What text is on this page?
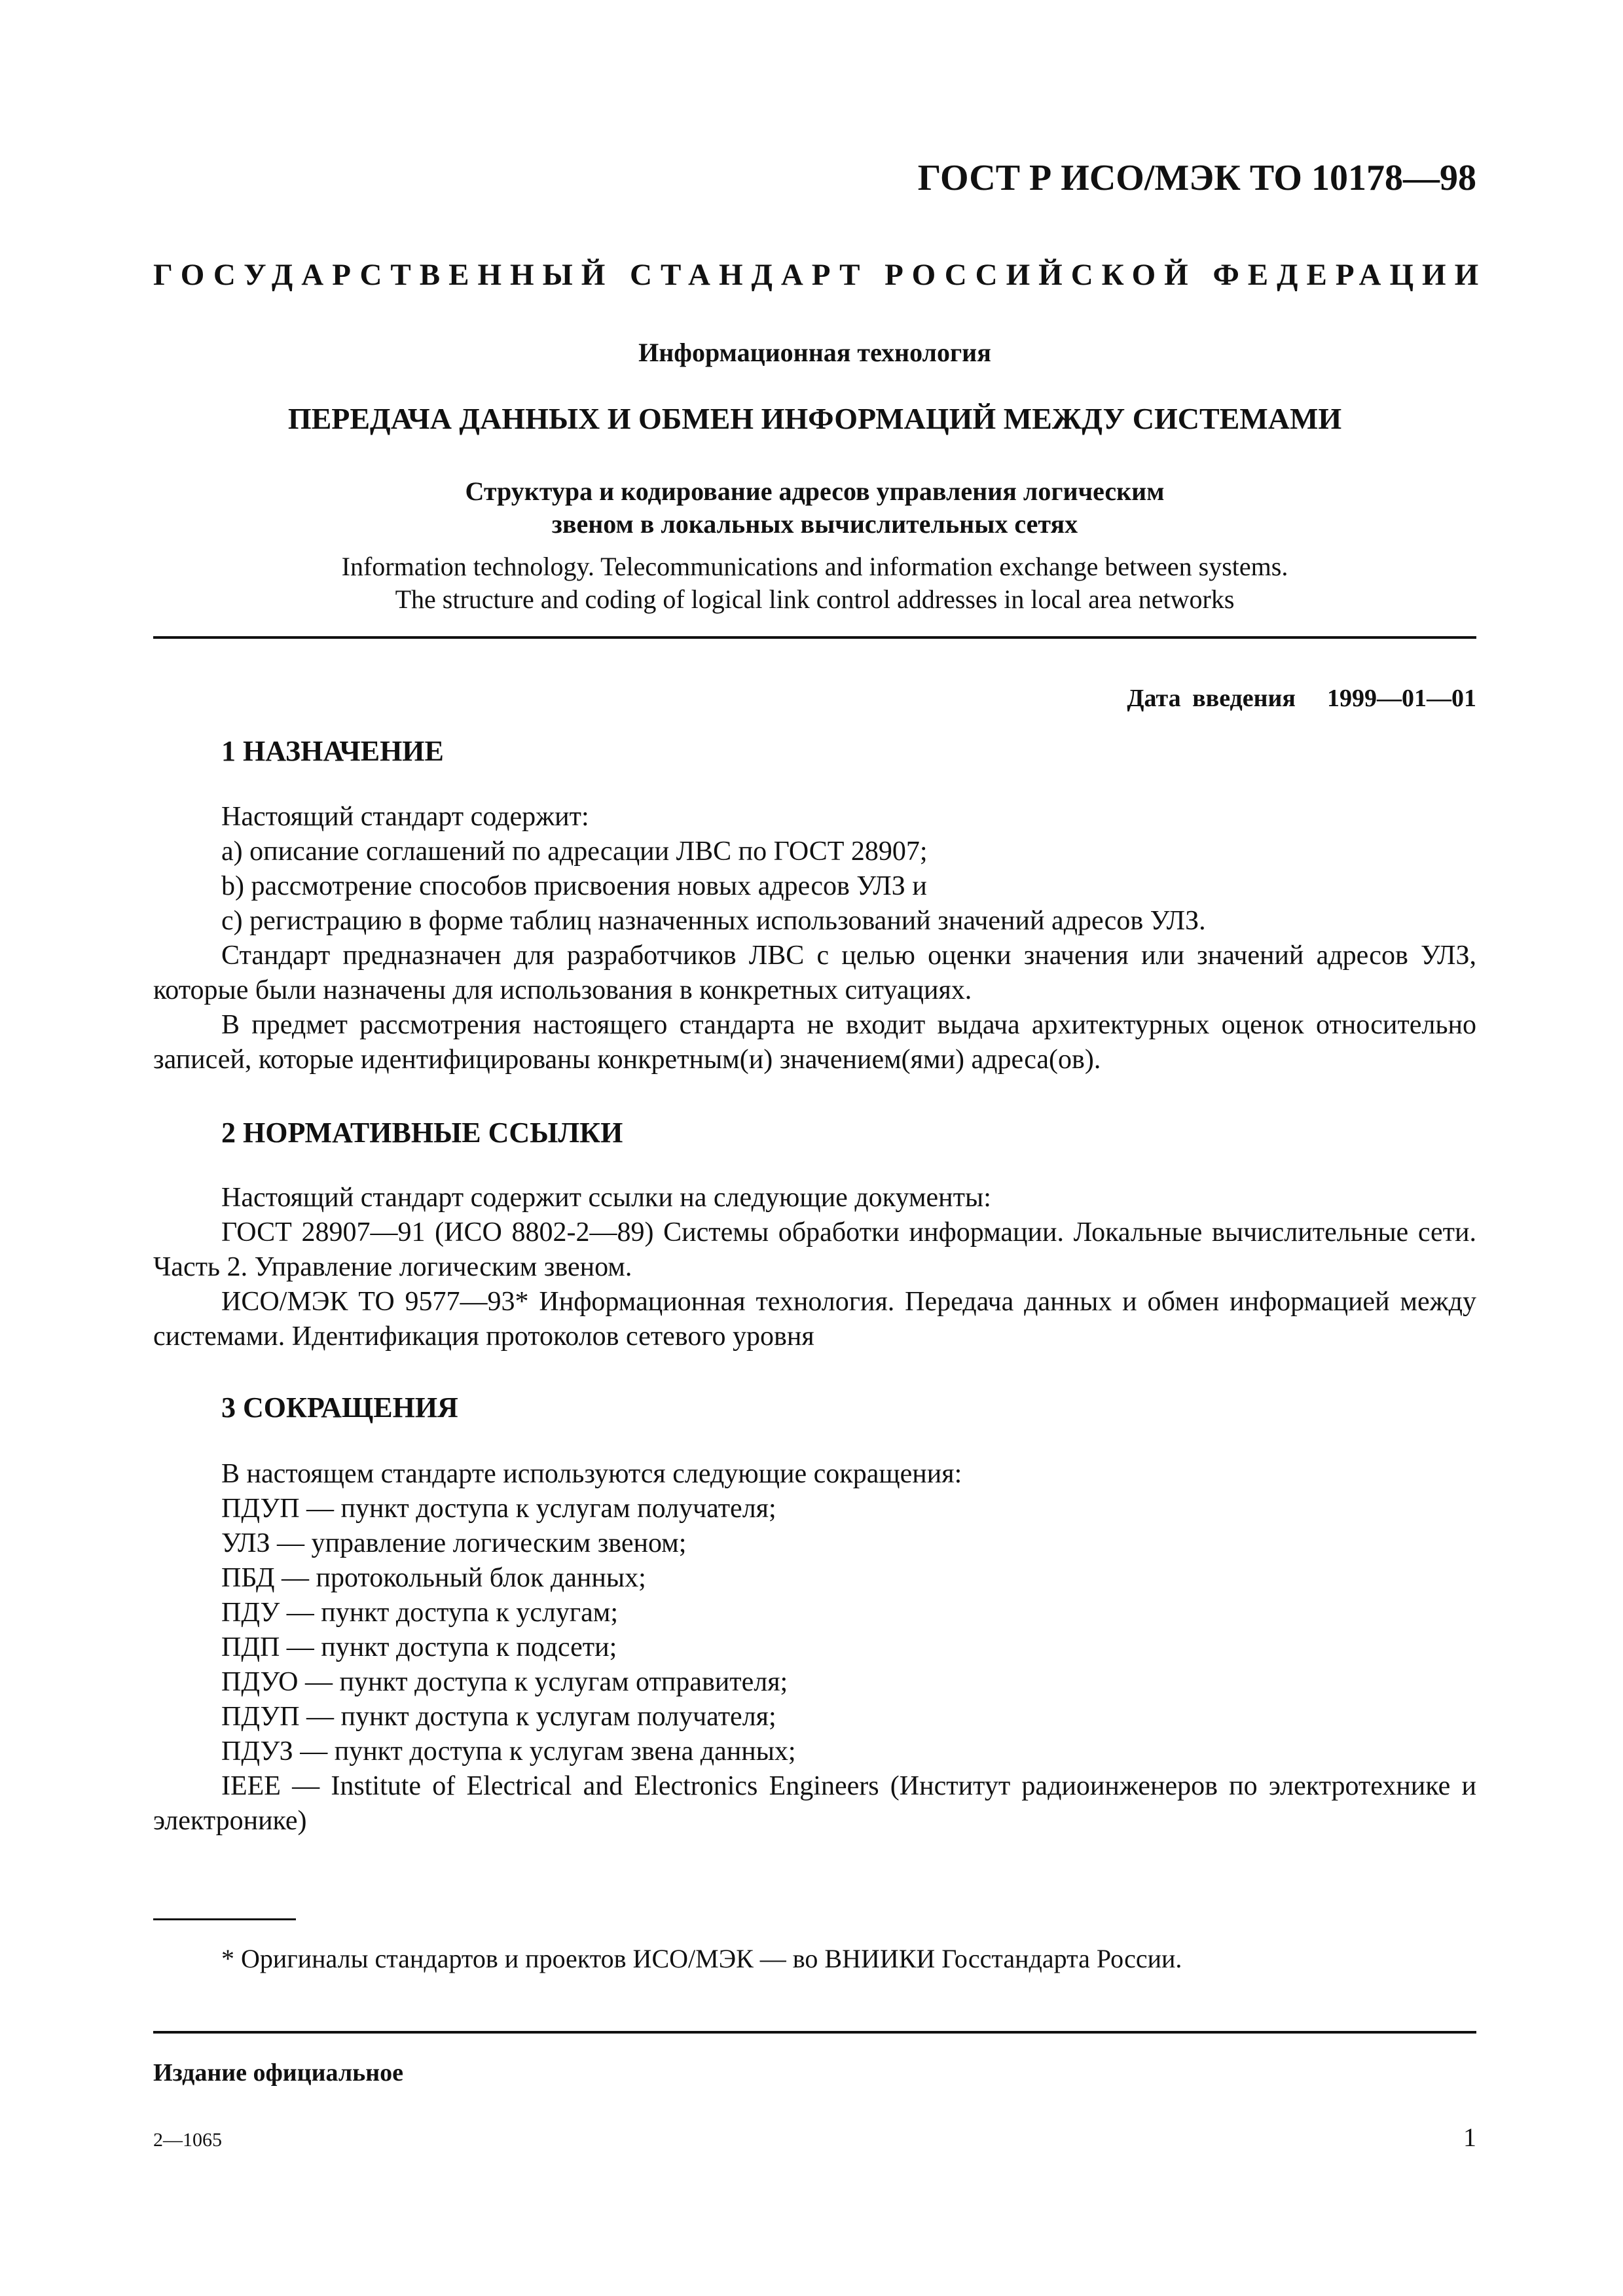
ГОСТ Р ИСО/МЭК ТО 10178—98
ГОСУДАРСТВЕННЫЙ СТАНДАРТ РОССИЙСКОЙ ФЕДЕРАЦИИ
Информационная технология
ПЕРЕДАЧА ДАННЫХ И ОБМЕН ИНФОРМАЦИЙ МЕЖДУ СИСТЕМАМИ
Структура и кодирование адресов управления логическим
звеном в локальных вычислительных сетях
Information technology. Telecommunications and information exchange between systems.
The structure and coding of logical link control addresses in local area networks
Дата введения 1999—01—01
1 НАЗНАЧЕНИЕ

Настоящий стандарт содержит:

а) описание соглашений по адресации ЛВС по ГОСТ 28907;

b) рассмотрение способов присвоения новых адресов УЛЗ и

с) регистрацию в форме таблиц назначенных использований значений адресов УЛЗ.

Стандарт предназначен для разработчиков ЛВС с целью оценки значения или значений адресов УЛЗ, которые были назначены для использования в конкретных ситуациях.

В предмет рассмотрения настоящего стандарта не входит выдача архитектурных оценок относительно записей, которые идентифицированы конкретным(и) значением(ями) адреса(ов).

2 НОРМАТИВНЫЕ ССЫЛКИ

Настоящий стандарт содержит ссылки на следующие документы:

ГОСТ 28907—91 (ИСО 8802-2—89) Системы обработки информации. Локальные вычислительные сети. Часть 2. Управление логическим звеном.

ИСО/МЭК ТО 9577—93* Информационная технология. Передача данных и обмен информацией между системами. Идентификация протоколов сетевого уровня

3 СОКРАЩЕНИЯ

В настоящем стандарте используются следующие сокращения:

ПДУП — пункт доступа к услугам получателя;

УЛЗ — управление логическим звеном;

ПБД — протокольный блок данных;

ПДУ — пункт доступа к услугам;

ПДП — пункт доступа к подсети;

ПДУО — пункт доступа к услугам отправителя;

ПДУП — пункт доступа к услугам получателя;

ПДУЗ — пункт доступа к услугам звена данных;

IEEE — Institute of Electrical and Electronics Engineers (Институт радиоинженеров по электротехнике и электронике)

* Оригиналы стандартов и проектов ИСО/МЭК — во ВНИИКИ Госстандарта России.
Издание официальное
2—1065	1
